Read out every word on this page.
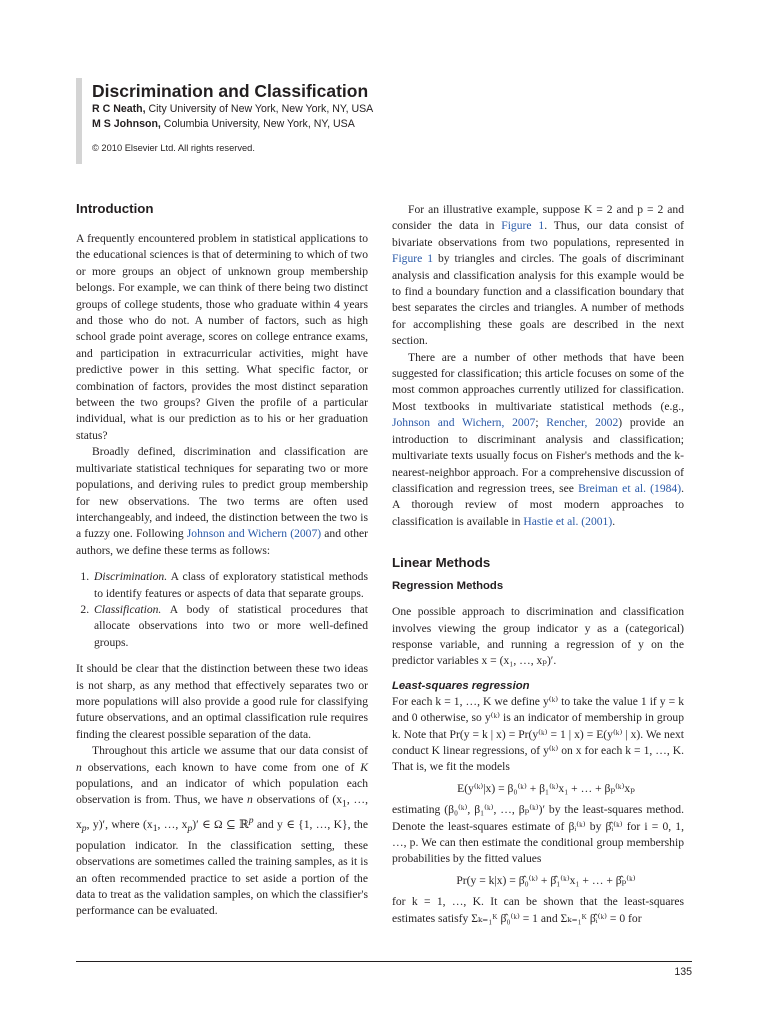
Discrimination and Classification
R C Neath, City University of New York, New York, NY, USA
M S Johnson, Columbia University, New York, NY, USA
© 2010 Elsevier Ltd. All rights reserved.
Introduction

A frequently encountered problem in statistical applications to the educational sciences is that of determining to which of two or more groups an object of unknown group membership belongs. For example, we can think of there being two distinct groups of college students, those who graduate within 4 years and those who do not. A number of factors, such as high school grade point average, scores on college entrance exams, and participation in extracurricular activities, might have predictive power in this setting. What specific factor, or combination of factors, provides the most distinct separation between the two groups? Given the profile of a particular individual, what is our prediction as to his or her graduation status?

Broadly defined, discrimination and classification are multivariate statistical techniques for separating two or more populations, and deriving rules to predict group membership for new observations. The two terms are often used interchangeably, and indeed, the distinction between the two is a fuzzy one. Following Johnson and Wichern (2007) and other authors, we define these terms as follows:

1. Discrimination. A class of exploratory statistical methods to identify features or aspects of data that separate groups.
2. Classification. A body of statistical procedures that allocate observations into two or more well-defined groups.

It should be clear that the distinction between these two ideas is not sharp, as any method that effectively separates two or more populations will also provide a good rule for classifying future observations, and an optimal classification rule requires finding the clearest possible separation of the data.

Throughout this article we assume that our data consist of n observations, each known to have come from one of K populations, and an indicator of which population each observation is from. Thus, we have n observations of ($x_1$, …, $x_p$, y)′, where ($x_1$, …, $x_p)'$ ∈ Ω ⊆ ℝ$^p$ and y ∈ {1, …, K}, the population indicator. In the classification setting, these observations are sometimes called the training samples, as it is an often recommended practice to set aside a portion of the data to treat as the validation samples, on which the classifier's performance can be evaluated.

For an illustrative example, suppose K = 2 and p = 2 and consider the data in Figure 1. Thus, our data consist of bivariate observations from two populations, represented in Figure 1 by triangles and circles. The goals of discriminant analysis and classification analysis for this example would be to find a boundary function and a classification boundary that best separates the circles and triangles. A number of methods for accomplishing these goals are described in the next section.

There are a number of other methods that have been suggested for classification; this article focuses on some of the most common approaches currently utilized for classification. Most textbooks in multivariate statistical methods (e.g., Johnson and Wichern, 2007; Rencher, 2002) provide an introduction to discriminant analysis and classification; multivariate texts usually focus on Fisher's methods and the k-nearest-neighbor approach. For a comprehensive discussion of classification and regression trees, see Breiman et al. (1984). A thorough review of most modern approaches to classification is available in Hastie et al. (2001).

Linear Methods
Regression Methods

One possible approach to discrimination and classification involves viewing the group indicator y as a (categorical) response variable, and running a regression of y on the predictor variables x = (x₁, …, xₚ)′.

Least-squares regression

For each k = 1, …, K we define y⁽ᵏ⁾ to take the value 1 if y = k and 0 otherwise, so y⁽ᵏ⁾ is an indicator of membership in group k. Note that Pr(y = k | x) = Pr(y⁽ᵏ⁾ = 1 | x) = E(y⁽ᵏ⁾ | x). We next conduct K linear regressions, of y⁽ᵏ⁾ on x for each k = 1, …, K. That is, we fit the models

E(y⁽ᵏ⁾|x) = β₀⁽ᵏ⁾ + β₁⁽ᵏ⁾x₁ + … + βₚ⁽ᵏ⁾xₚ

estimating (β₀⁽ᵏ⁾, β₁⁽ᵏ⁾, …, βₚ⁽ᵏ⁾)′ by the least-squares method. Denote the least-squares estimate of βᵢ⁽ᵏ⁾ by β̂ᵢ⁽ᵏ⁾ for i = 0, 1, …, p. We can then estimate the conditional group membership probabilities by the fitted values

Pr(y = k|x) = β̂₀⁽ᵏ⁾ + β̂₁⁽ᵏ⁾x₁ + … + β̂ₚ⁽ᵏ⁾

for k = 1, …, K. It can be shown that the least-squares estimates satisfy Σₖ₌₁ᴷ β̂₀⁽ᵏ⁾ = 1 and Σₖ₌₁ᴷ β̂ᵢ⁽ᵏ⁾ = 0 for

135
